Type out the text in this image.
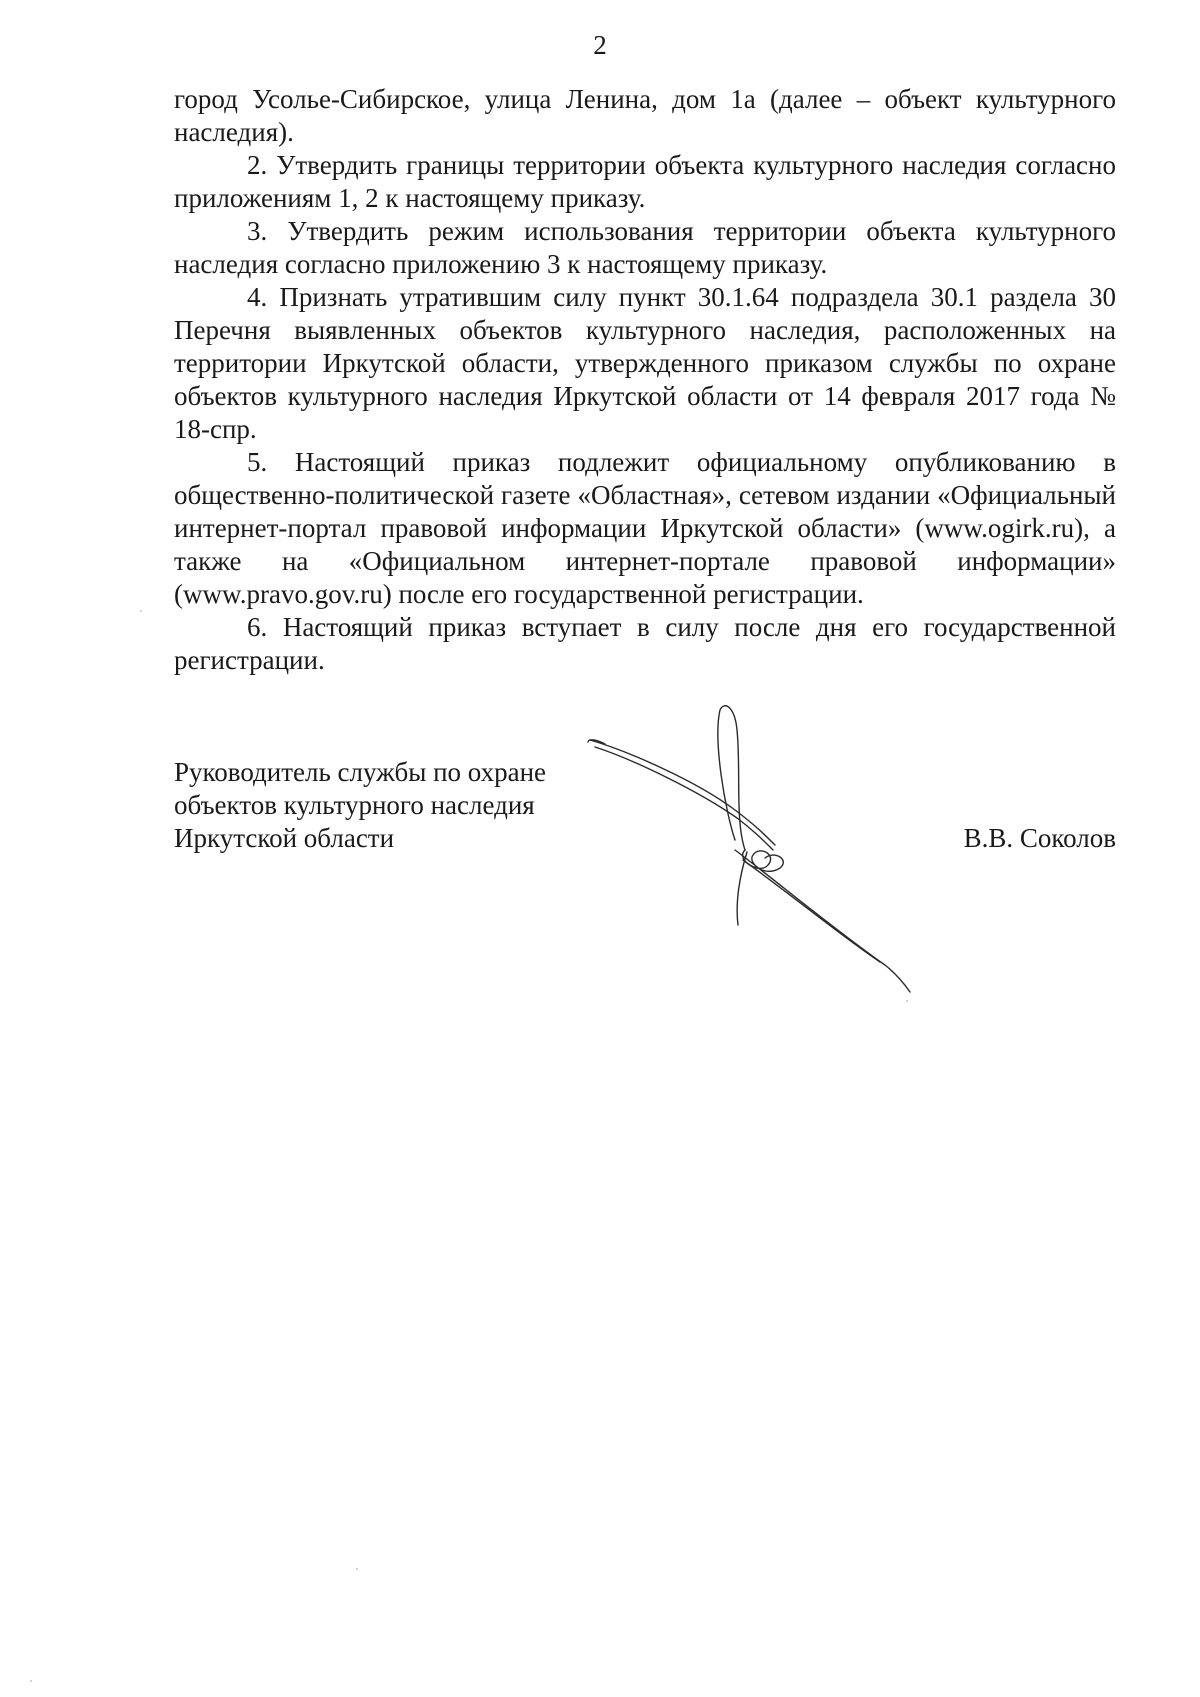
2

город Усолье-Сибирское, улица Ленина, дом 1а (далее – объект культурного наследия).

2. Утвердить границы территории объекта культурного наследия согласно приложениям 1, 2 к настоящему приказу.

3. Утвердить режим использования территории объекта культурного наследия согласно приложению 3 к настоящему приказу.

4. Признать утратившим силу пункт 30.1.64 подраздела 30.1 раздела 30 Перечня выявленных объектов культурного наследия, расположенных на территории Иркутской области, утвержденного приказом службы по охране объектов культурного наследия Иркутской области от 14 февраля 2017 года № 18-спр.

5. Настоящий приказ подлежит официальному опубликованию в общественно-политической газете «Областная», сетевом издании «Официальный интернет-портал правовой информации Иркутской области» (www.ogirk.ru), а также на «Официальном интернет-портале правовой информации» (www.pravo.gov.ru) после его государственной регистрации.

6. Настоящий приказ вступает в силу после дня его государственной регистрации.

Руководитель службы по охране
объектов культурного наследия
Иркутской области	В.В. Соколов
